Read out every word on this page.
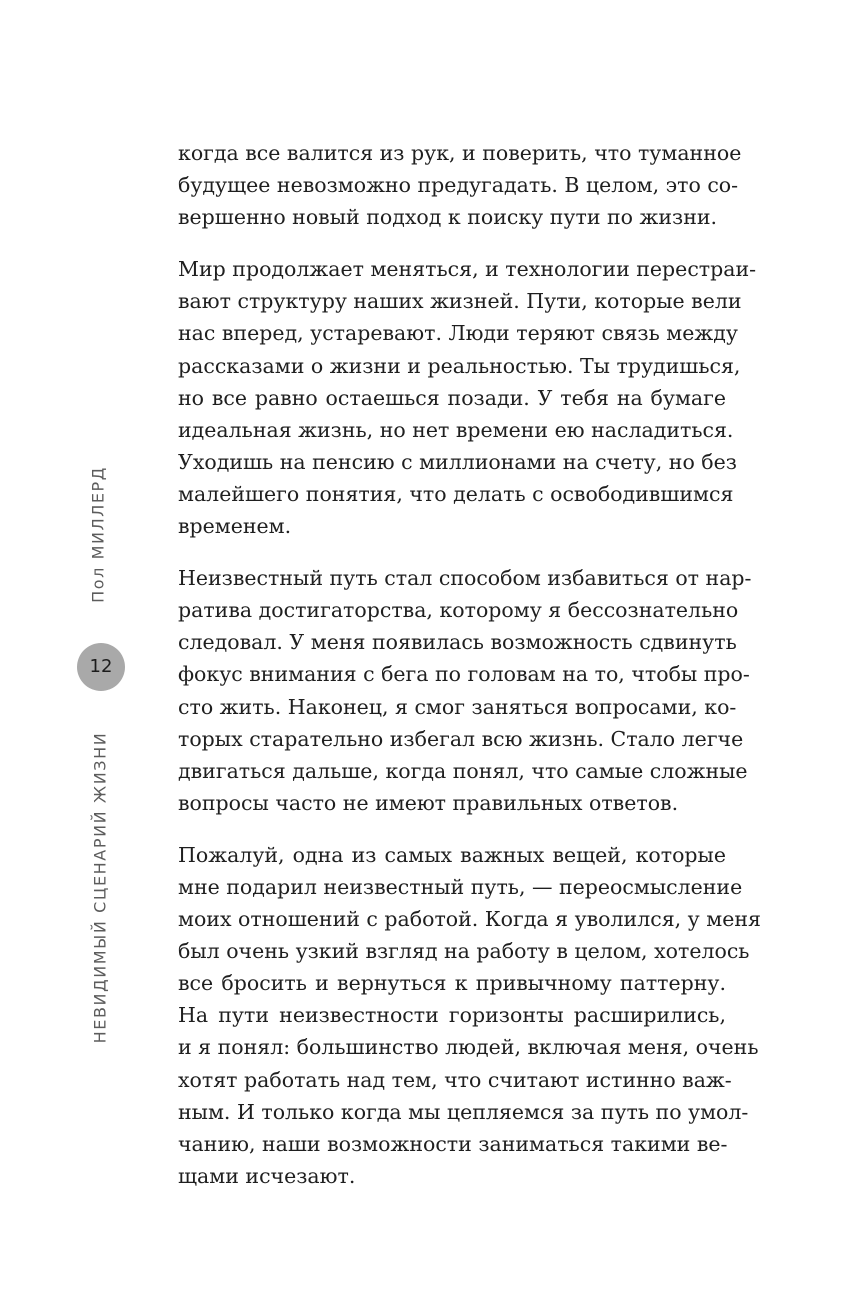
Пол МИЛЛЕРД
12
НЕВИДИМЫЙ СЦЕНАРИЙ ЖИЗНИ

когда все валится из рук, и поверить, что туманное
будущее невозможно предугадать. В целом, это со-
вершенно новый подход к поиску пути по жизни.

Мир продолжает меняться, и технологии перестраи-
вают структуру наших жизней. Пути, которые вели
нас вперед, устаревают. Люди теряют связь между
рассказами о жизни и реальностью. Ты трудишься,
но все равно остаешься позади. У тебя на бумаге
идеальная жизнь, но нет времени ею насладиться.
Уходишь на пенсию с миллионами на счету, но без
малейшего понятия, что делать с освободившимся
временем.

Неизвестный путь стал способом избавиться от нар-
ратива достигаторства, которому я бессознательно
следовал. У меня появилась возможность сдвинуть
фокус внимания с бега по головам на то, чтобы про-
сто жить. Наконец, я смог заняться вопросами, ко-
торых старательно избегал всю жизнь. Стало легче
двигаться дальше, когда понял, что самые сложные
вопросы часто не имеют правильных ответов.

Пожалуй, одна из самых важных вещей, которые
мне подарил неизвестный путь, — переосмысление
моих отношений с работой. Когда я уволился, у меня
был очень узкий взгляд на работу в целом, хотелось
все бросить и вернуться к привычному паттерну.
На пути неизвестности горизонты расширились,
и я понял: большинство людей, включая меня, очень
хотят работать над тем, что считают истинно важ-
ным. И только когда мы цепляемся за путь по умол-
чанию, наши возможности заниматься такими ве-
щами исчезают.
